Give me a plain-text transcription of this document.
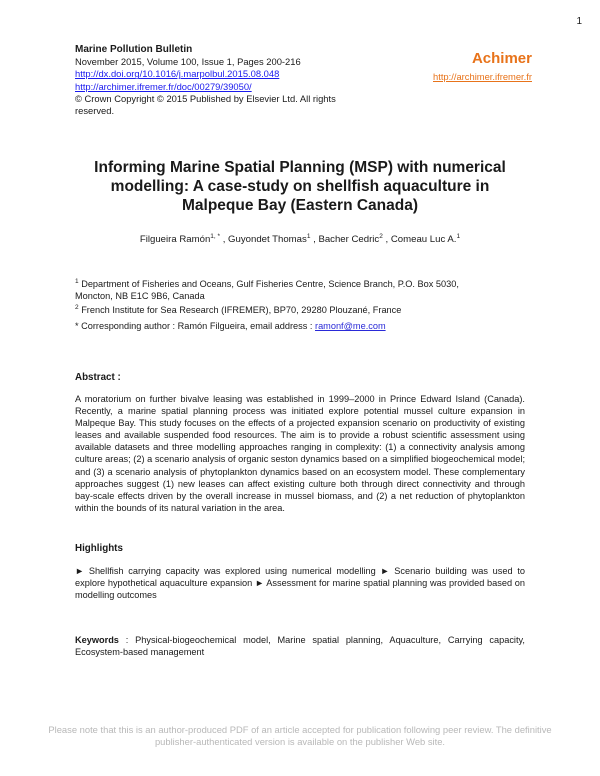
1
Marine Pollution Bulletin
November 2015, Volume 100, Issue 1, Pages 200-216
http://dx.doi.org/10.1016/j.marpolbul.2015.08.048
http://archimer.ifremer.fr/doc/00279/39050/
© Crown Copyright © 2015 Published by Elsevier Ltd. All rights
reserved.
Achimer
http://archimer.ifremer.fr
Informing Marine Spatial Planning (MSP) with numerical
modelling: A case-study on shellfish aquaculture in
Malpeque Bay (Eastern Canada)
Filgueira Ramón$^{1, *}$ , Guyondet Thomas$^1$ , Bacher Cedric$^2$ , Comeau Luc A.$^1$
$^1$ Department of Fisheries and Oceans, Gulf Fisheries Centre, Science Branch, P.O. Box 5030,
Moncton, NB E1C 9B6, Canada
$^2$ French Institute for Sea Research (IFREMER), BP70, 29280 Plouzané, France
* Corresponding author : Ramón Filgueira, email address : ramonf@me.com
Abstract :
A moratorium on further bivalve leasing was established in 1999–2000 in Prince Edward Island (Canada). Recently, a marine spatial planning process was initiated explore potential mussel culture expansion in Malpeque Bay. This study focuses on the effects of a projected expansion scenario on productivity of existing leases and available suspended food resources. The aim is to provide a robust scientific assessment using available datasets and three modelling approaches ranging in complexity: (1) a connectivity analysis among culture areas; (2) a scenario analysis of organic seston dynamics based on a simplified biogeochemical model; and (3) a scenario analysis of phytoplankton dynamics based on an ecosystem model. These complementary approaches suggest (1) new leases can affect existing culture both through direct connectivity and through bay-scale effects driven by the overall increase in mussel biomass, and (2) a net reduction of phytoplankton within the bounds of its natural variation in the area.
Highlights
► Shellfish carrying capacity was explored using numerical modelling ► Scenario building was used to explore hypothetical aquaculture expansion ► Assessment for marine spatial planning was provided based on modelling outcomes
Keywords : Physical-biogeochemical model, Marine spatial planning, Aquaculture, Carrying capacity, Ecosystem-based management
Please note that this is an author-produced PDF of an article accepted for publication following peer review. The definitive
publisher-authenticated version is available on the publisher Web site.
